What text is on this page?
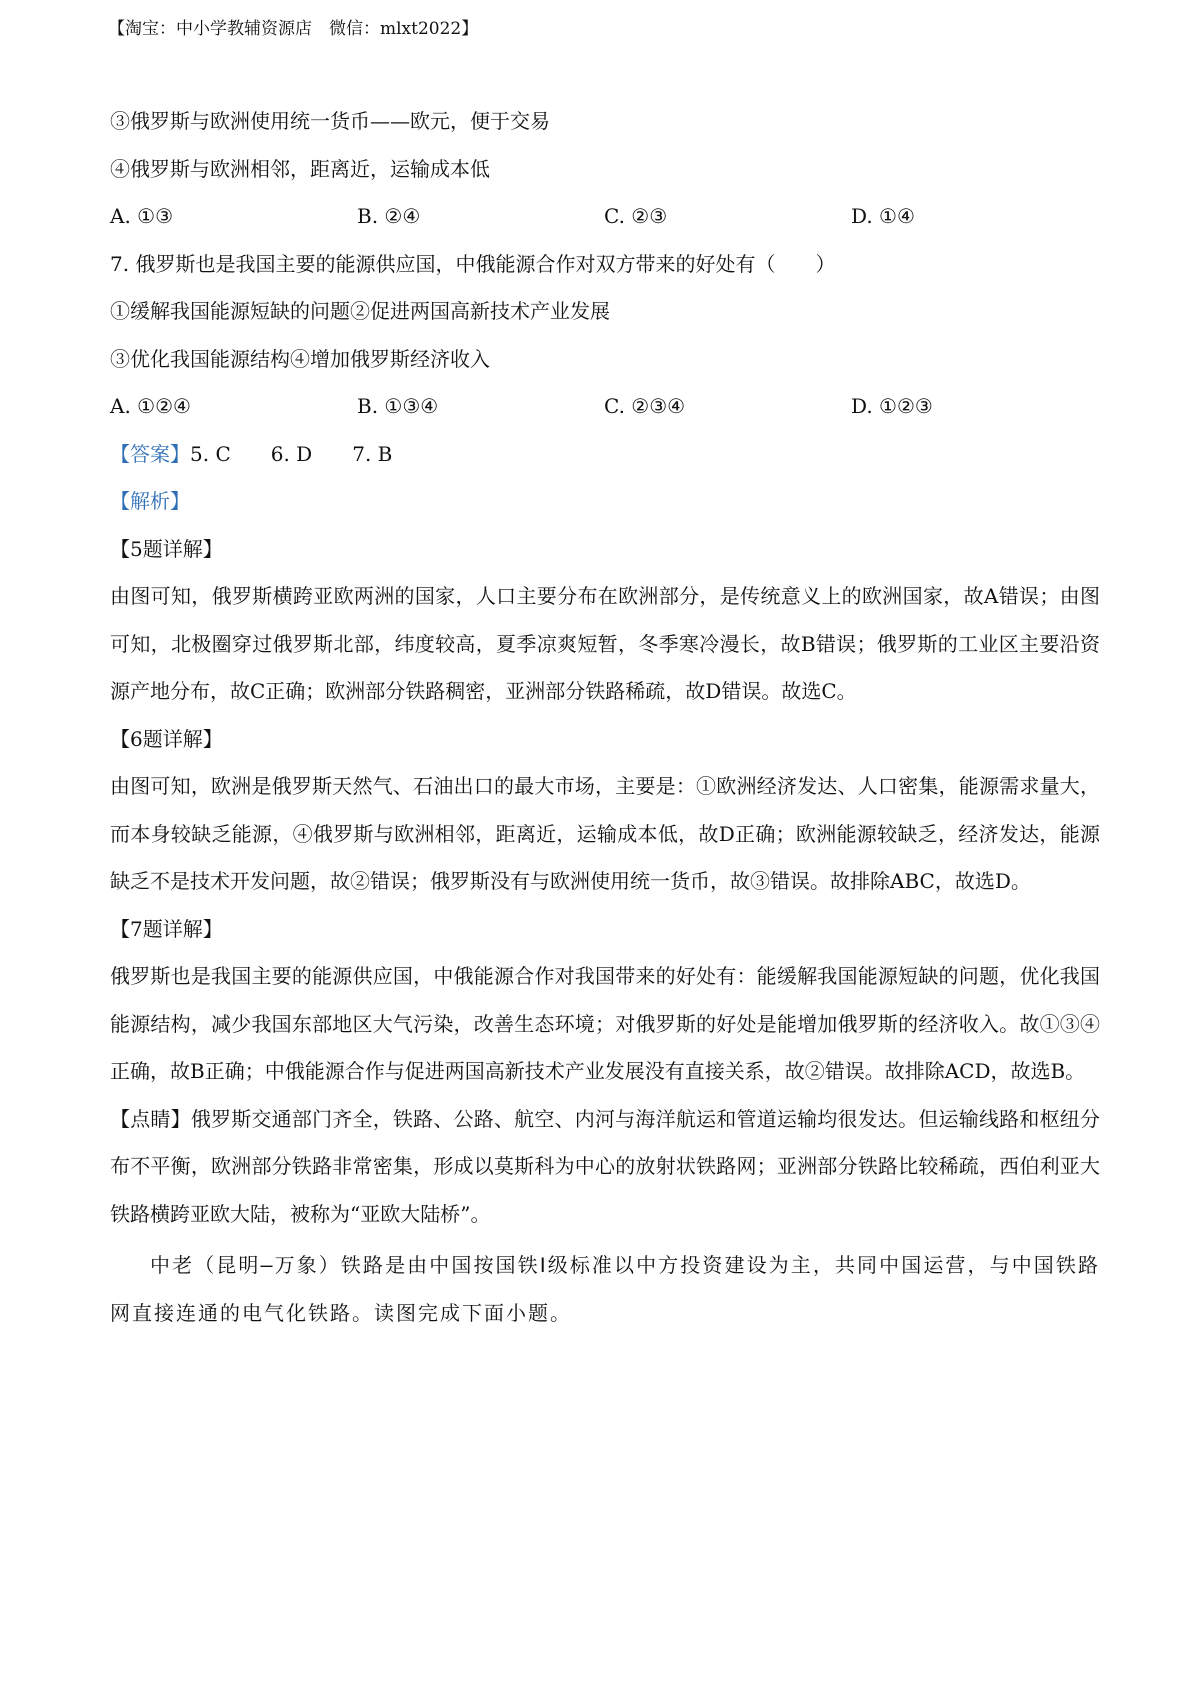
【淘宝：中小学教辅资源店　微信：mlxt2022】
③俄罗斯与欧洲使用统一货币——欧元，便于交易
④俄罗斯与欧洲相邻，距离近，运输成本低
A. ①③	B. ②④	C. ②③	D. ①④
7. 俄罗斯也是我国主要的能源供应国，中俄能源合作对双方带来的好处有（　　）
①缓解我国能源短缺的问题②促进两国高新技术产业发展
③优化我国能源结构④增加俄罗斯经济收入
A. ①②④	B. ①③④	C. ②③④	D. ①②③
【答案】5. C　　6. D　　7. B
【解析】
【5题详解】
由图可知，俄罗斯横跨亚欧两洲的国家，人口主要分布在欧洲部分，是传统意义上的欧洲国家，故A错误；由图可知，北极圈穿过俄罗斯北部，纬度较高，夏季凉爽短暂，冬季寒冷漫长，故B错误；俄罗斯的工业区主要沿资源产地分布，故C正确；欧洲部分铁路稠密，亚洲部分铁路稀疏，故D错误。故选C。
【6题详解】
由图可知，欧洲是俄罗斯天然气、石油出口的最大市场，主要是：①欧洲经济发达、人口密集，能源需求量大，而本身较缺乏能源，④俄罗斯与欧洲相邻，距离近，运输成本低，故D正确；欧洲能源较缺乏，经济发达，能源缺乏不是技术开发问题，故②错误；俄罗斯没有与欧洲使用统一货币，故③错误。故排除ABC，故选D。
【7题详解】
俄罗斯也是我国主要的能源供应国，中俄能源合作对我国带来的好处有：能缓解我国能源短缺的问题，优化我国能源结构，减少我国东部地区大气污染，改善生态环境；对俄罗斯的好处是能增加俄罗斯的经济收入。故①③④正确，故B正确；中俄能源合作与促进两国高新技术产业发展没有直接关系，故②错误。故排除ACD，故选B。
【点睛】俄罗斯交通部门齐全，铁路、公路、航空、内河与海洋航运和管道运输均很发达。但运输线路和枢纽分布不平衡，欧洲部分铁路非常密集，形成以莫斯科为中心的放射状铁路网；亚洲部分铁路比较稀疏，西伯利亚大铁路横跨亚欧大陆，被称为“亚欧大陆桥”。
中老（昆明—万象）铁路是由中国按国铁Ⅰ级标准以中方投资建设为主，共同中国运营，与中国铁路网直接连通的电气化铁路。读图完成下面小题。
